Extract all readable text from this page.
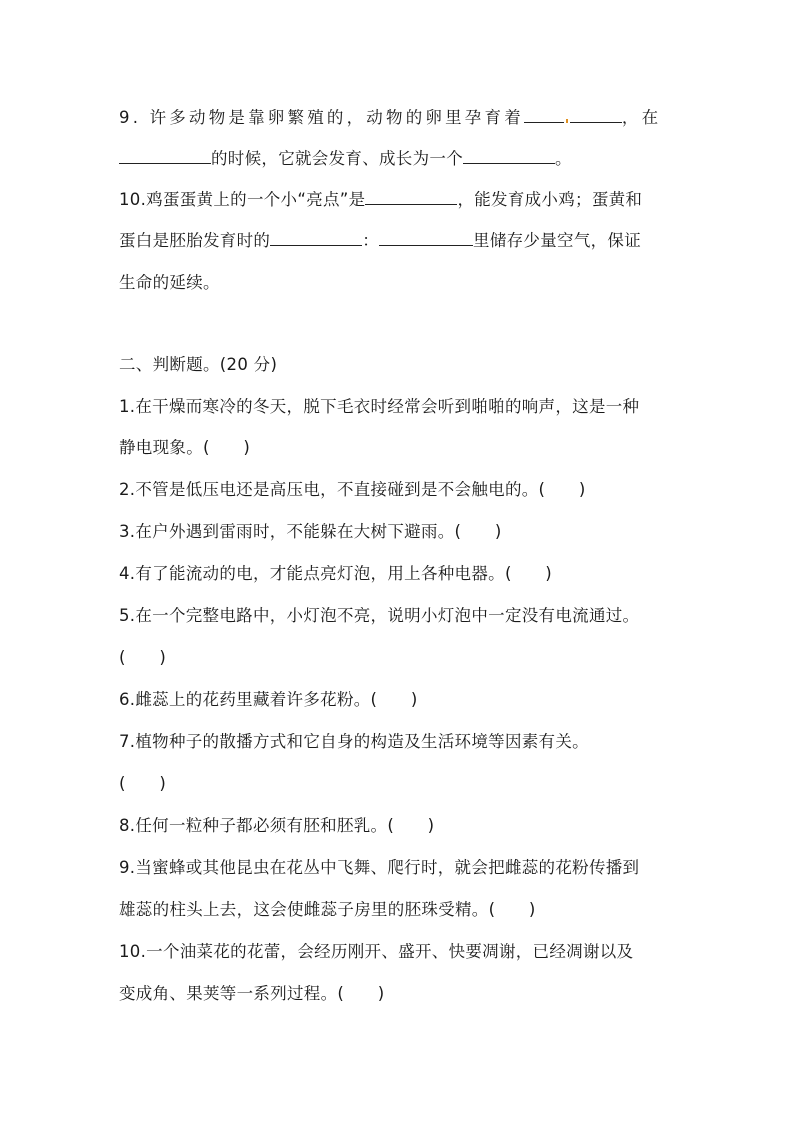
9. 许多动物是靠卵繁殖的，动物的卵里孕育着	，在
的时候，它就会发育、成长为一个	。
10.鸡蛋蛋黄上的一个小“亮点”是	，能发育成小鸡；蛋黄和
蛋白是胚胎发育时的	：	里储存少量空气，保证
生命的延续。
二、判断题。(20 分)
1.在干燥而寒冷的冬天，脱下毛衣时经常会听到啪啪的响声，这是一种
静电现象。(　　)
2.不管是低压电还是高压电，不直接碰到是不会触电的。(　　)
3.在户外遇到雷雨时，不能躲在大树下避雨。(　　)
4.有了能流动的电，才能点亮灯泡，用上各种电器。(　　)
5.在一个完整电路中，小灯泡不亮，说明小灯泡中一定没有电流通过。
(　　)
6.雌蕊上的花药里藏着许多花粉。(　　)
7.植物种子的散播方式和它自身的构造及生活环境等因素有关。
(　　)
8.任何一粒种子都必须有胚和胚乳。(　　)
9.当蜜蜂或其他昆虫在花丛中飞舞、爬行时，就会把雌蕊的花粉传播到
雄蕊的柱头上去，这会使雌蕊子房里的胚珠受精。(　　)
10.一个油菜花的花蕾，会经历刚开、盛开、快要凋谢，已经凋谢以及
变成角、果荚等一系列过程。(　　)
